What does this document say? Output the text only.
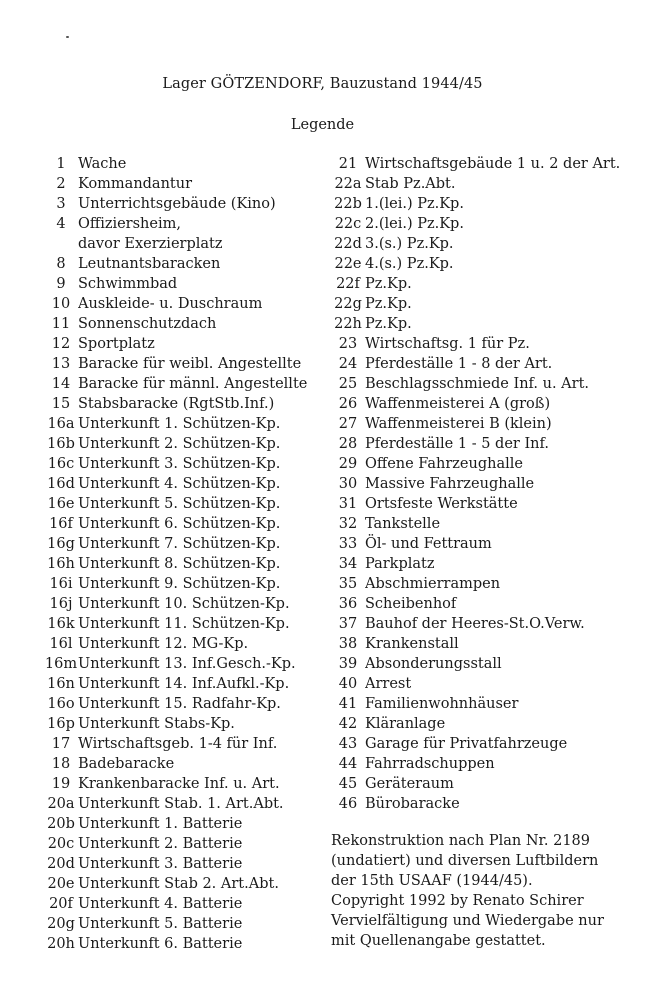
Lager GÖTZENDORF, Bauzustand 1944/45
Legende
1 Wache
2 Kommandantur
3 Unterrichtsgebäude (Kino)
4 Offiziersheim,
davor Exerzierplatz
8 Leutnantsbaracken
9 Schwimmbad
10 Auskleide- u. Duschraum
11 Sonnenschutzdach
12 Sportplatz
13 Baracke für weibl. Angestellte
14 Baracke für männl. Angestellte
15 Stabsbaracke (RgtStb.Inf.)
16a Unterkunft 1. Schützen-Kp.
16b Unterkunft 2. Schützen-Kp.
16c Unterkunft 3. Schützen-Kp.
16d Unterkunft 4. Schützen-Kp.
16e Unterkunft 5. Schützen-Kp.
16f Unterkunft 6. Schützen-Kp.
16g Unterkunft 7. Schützen-Kp.
16h Unterkunft 8. Schützen-Kp.
16i Unterkunft 9. Schützen-Kp.
16j Unterkunft 10. Schützen-Kp.
16k Unterkunft 11. Schützen-Kp.
16l Unterkunft 12. MG-Kp.
16m Unterkunft 13. Inf.Gesch.-Kp.
16n Unterkunft 14. Inf.Aufkl.-Kp.
16o Unterkunft 15. Radfahr-Kp.
16p Unterkunft Stabs-Kp.
17 Wirtschaftsgeb. 1-4 für Inf.
18 Badebaracke
19 Krankenbaracke Inf. u. Art.
20a Unterkunft Stab. 1. Art.Abt.
20b Unterkunft 1. Batterie
20c Unterkunft 2. Batterie
20d Unterkunft 3. Batterie
20e Unterkunft Stab 2. Art.Abt.
20f Unterkunft 4. Batterie
20g Unterkunft 5. Batterie
20h Unterkunft 6. Batterie
21 Wirtschaftsgebäude 1 u. 2 der Art.
22a Stab Pz.Abt.
22b 1.(lei.) Pz.Kp.
22c 2.(lei.) Pz.Kp.
22d 3.(s.) Pz.Kp.
22e 4.(s.) Pz.Kp.
22f Pz.Kp.
22g Pz.Kp.
22h Pz.Kp.
23 Wirtschaftsg. 1 für Pz.
24 Pferdeställe 1 - 8 der Art.
25 Beschlagsschmiede Inf. u. Art.
26 Waffenmeisterei A (groß)
27 Waffenmeisterei B (klein)
28 Pferdeställe 1 - 5 der Inf.
29 Offene Fahrzeughalle
30 Massive Fahrzeughalle
31 Ortsfeste Werkstätte
32 Tankstelle
33 Öl- und Fettraum
34 Parkplatz
35 Abschmierrampen
36 Scheibenhof
37 Bauhof der Heeres-St.O.Verw.
38 Krankenstall
39 Absonderungsstall
40 Arrest
41 Familienwohnhäuser
42 Kläranlage
43 Garage für Privatfahrzeuge
44 Fahrradschuppen
45 Geräteraum
46 Bürobaracke
Rekonstruktion nach Plan Nr. 2189
(undatiert) und diversen Luftbildern
der 15th USAAF (1944/45).
Copyright 1992 by Renato Schirer
Vervielfältigung und Wiedergabe nur
mit Quellenangabe gestattet.
